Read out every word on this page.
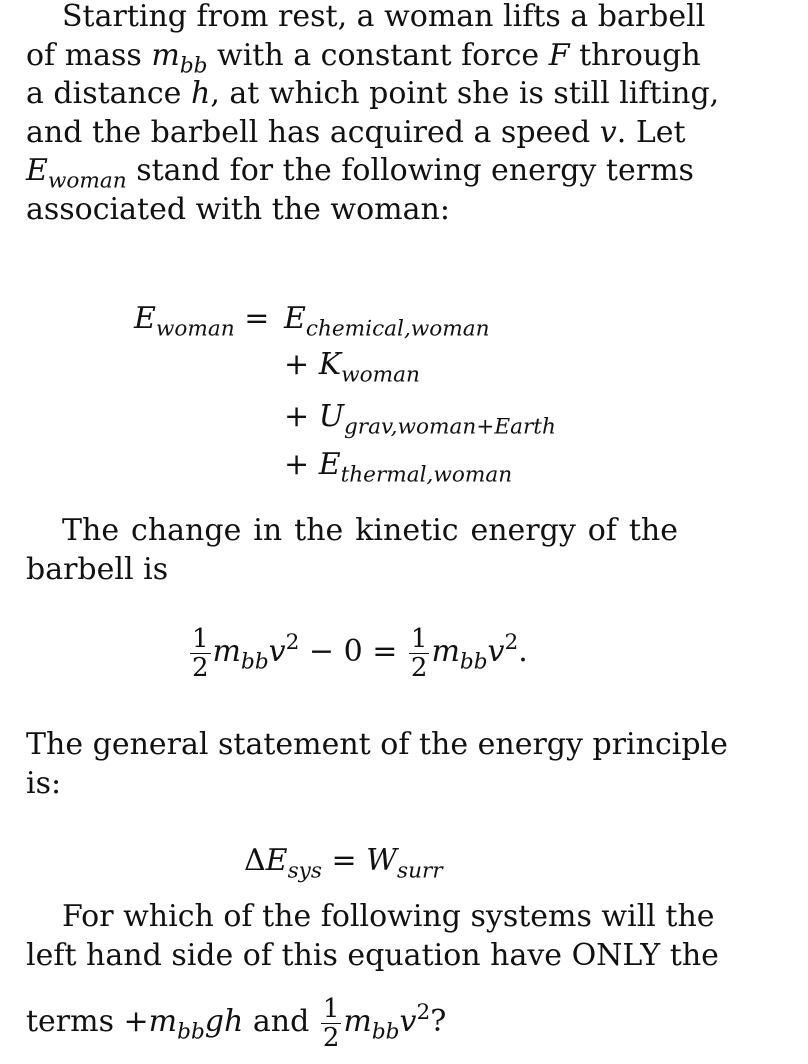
Starting from rest, a woman lifts a barbell
of mass $m_{bb}$ with a constant force F through
a distance h, at which point she is still lifting,
and the barbell has acquired a speed v. Let
$E_{woman}$ stand for the following energy terms
associated with the woman:
$E_{woman} = E_{chemical,woman}$
+ $K_{woman}$
+ $U_{grav,woman+Earth}$
+ $E_{thermal,woman}$
The change in the kinetic energy of the
barbell is
$\frac{1}{2} m_{bb}v^2 - 0 = \frac{1}{2} m_{bb}v^2$.
The general statement of the energy principle
is:
$\Delta E_{sys} = W_{surr}$
For which of the following systems will the
left hand side of this equation have ONLY the
terms $+m_{bb}gh$ and $\frac{1}{2} m_{bb}v^2$?
